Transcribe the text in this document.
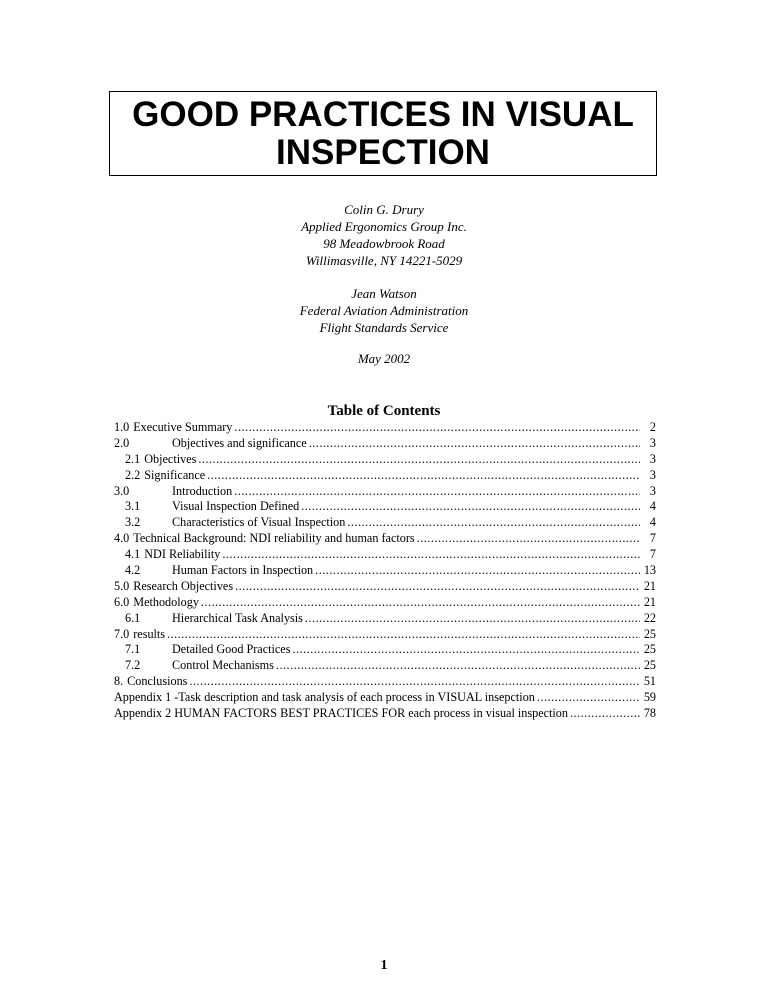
GOOD PRACTICES IN VISUAL
INSPECTION
Colin G. Drury
Applied Ergonomics Group Inc.
98 Meadowbrook Road
Willimasville, NY 14221-5029
Jean Watson
Federal Aviation Administration
Flight Standards Service
May 2002
Table of Contents
1.0 Executive Summary .....	2
2.0	Objectives and significance .....	3
2.1 Objectives .....	3
2.2 Significance .....	3
3.0	Introduction .....	3
3.1	Visual Inspection Defined .....	4
3.2	Characteristics of Visual Inspection .....	4
4.0 Technical Background: NDI reliability and human factors .....	7
4.1 NDI Reliability .....	7
4.2	Human Factors in Inspection .....	13
5.0 Research Objectives .....	21
6.0 Methodology .....	21
6.1	Hierarchical Task Analysis .....	22
7.0 results .....	25
7.1	Detailed Good Practices .....	25
7.2	Control Mechanisms .....	25
8. Conclusions .....	51
Appendix 1 -Task description and task analysis of each process in VISUAL insepction .....	59
Appendix 2 HUMAN FACTORS BEST PRACTICES FOR each process in visual inspection .....	78
1
